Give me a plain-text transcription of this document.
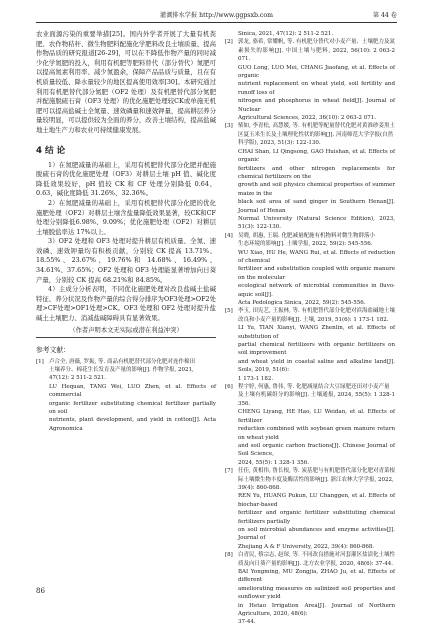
灌溉排水学报 http://www.ggpsxb.com	第 44 卷

农业面源污染的重要举措[25]。国内外学者开展了大量有机粪肥、农作物秸秆、微生物肥料配施化学肥料改良土壤质量、提高作物品质的研究报道[26-29]，可以在不降低作物产量的同时减少化学氮肥的投入，利用有机肥等肥料替代（部分替代）氮肥可以提高氮素利用率、减少氮盈余，保障产品品质与质量，且在有机质量较低、降水量较少的地区提高使用效率[30]。本研究通过利用有机肥替代部分氮肥（OF2 处理）及有机肥替代部分氮肥并配施脱硫石膏（OF3 处理）的优化施肥处理较CK或单施无机肥可以提高盐碱土全氮量、速效磷量和速效钾量，提高耕层养分量较明显，可以提供较为全面的养分，改善土壤结构，提高盐碱地土地生产力和农业可持续健康发展。

4 结 论

1）在氮肥减量的基础上，采用有机肥替代部分化肥并配施脱硫石膏的优化施肥处理（OF3）对耕层土壤 pH 值、碱化度降低效果较好，pH 值较 CK 和 CF 处理分别降低 0.64、0.63，碱化度降低 31.26%、32.36%。

2）在氮肥减量的基础上，采用有机肥替代部分化肥的优化施肥处理（OF2）对耕层土壤含盐量降低效果显著，较CK和CF处理分别降低6.98%、9.09%；优化施肥处理（OF2）对耕层土壤脱盐率达 17%以上。

3）OF2 处理和 OF3 处理对提升耕层有机质量、全氮、速效磷、速效钾量均有积极贡献，分别较 CK 提高 13.71%、18.55%、23.67%、19.76%和 14.68%、16.49%、34.61%、37.65%；OF2 处理和 OF3 处理能显著增加向日葵产量，分别较 CK 提高 68.21%和 84.85%。

4）主成分分析表明，不同优化施肥处理对改良盐碱土盐碱特征、养分状况及作物产量的综合得分排序为OF3处理>OF2处理>CF处理>OF1处理>CK。OF3 处理和 OF2 处理对提升盐碱土土壤肥力、消减盐碱障碍具有显著效果。

（作者声明本文无实际或潜在利益冲突）

参考文献：
[1] 卢合全, 唐薇, 罗振, 等. 商品有机肥替代部分化肥对连作棉田
土壤养分、棉花生长发育及产量的影响[J]. 作物学报, 2021,
47(12): 2 511-2 521.
LU Hequan, TANG Wei, LUO Zhen, et al. Effects of commercial
organic fertilizer substituting chemical fertilizer partially on soil
nutrients, plant development, and yield in cotton[J]. Acta Agronomica
Sinica, 2021, 47(12): 2 511-2 521.
[2] 郭龙, 骆希, 常耀帆, 等. 有机肥分替代对小麦产量、土壤肥力及氮
素损失的影响[J]. 中国土壤与肥料, 2022, 56(10): 2 063-2 071.
GUO Long, LUO Mei, CHANG Jiaofang, et al. Effects of organic
nutrient replacement on wheat yield, soil fertility and runoff loss of
nitrogen and phosphorus in wheat field[J]. Journal of Nuclear
Agricultural Sciences, 2022, 36(10): 2 063-2 071.
[3] 柴如, 李青松, 高慧媛, 等. 有机肥等配量替代化肥对黄淮砂姜黑土
区夏玉米生长及土壤理化性状的影响[J]. 河南师范大学学报(自然
科学版), 2023, 51(3): 122-130.
CHAI Shan, LI Qingsong, GAO Huishan, et al. Effects of organic
fertilizers and other nitrogen replacements for chemical fertilizers on the
growth and soil physico chemical properties of summer maize in the
black soil area of sand ginger in Southern Henan[J]. Journal of Henan
Normal University (Natural Science Edition), 2023, 51(3): 122-130.
[4] 吴晓, 胡惠, 王瑞. 化肥减量配施有机物料对微生物群落小
生态环境的影响[J]. 土壤学报, 2022, 59(2): 545-556.
WU Xiao, HU He, WANG Rui, et al. Effects of reduction of chemical
fertilizer and substitution coupled with organic manure on the molecular
ecological network of microbial communities in fluvo-aquic soil[J].
Acta Pedologica Sinica, 2022, 59(2): 545-556.
[5] 李玉, 田宪艺, 王振林, 等. 有机肥替代部分化肥对滨海盐碱地土壤
改良和小麦产量的影响[J]. 土壤, 2019, 51(6): 1 173-1 182.
LI Yu, TIAN Xianyi, WANG Zhenlin, et al. Effects of substitution of
partial chemical fertilizers with organic fertilizers on soil improvement
and wheat yield in coastal saline and alkaline land[J]. Soils, 2019, 51(6):
1 173-1 182.
[6] 程宇婷, 何惠, 鲁伟, 等. 化肥减量结合大豆绿肥还田对小麦产量
及土壤有机碳组分的影响[J]. 土壤通报, 2024, 55(5): 1 328-1 356.
CHENG Liyang, HE Hao, LU Weidan, et al. Effects of fertilizer
reduction combined with soybean green manure return on wheat yield
and soil organic carbon fractions[J]. Chinese Journal of Soil Science,
2024, 55(5): 1 328-1 356.
[7] 任佳, 黄相伟, 鲁长根, 等. 炭基肥与有机肥替代部分化肥对青菜根
际土壤微生物丰度及酶活性的影响[J]. 浙江农林大学学报, 2022,
39(4): 860-868.
REN Yu, HUANG Pukun, LU Changgen, et al. Effects of biochar-based
fertilizer and organic fertilizer substituting chemical fertilizers partially
on soil microbial abundances and enzyme activities[J]. Journal of
Zhejiang A & F University, 2022, 39(4): 860-868.
[8] 白青民, 蔡宗志, 赵琛, 等. 不同改良措施对河套灌区盐渍化土壤性
质及向日葵产量的影响[J]. 北方农业学报, 2020, 48(6): 37-44.
BAI Yongming, MU Zongjia, ZHAO Ju, et al. Effects of different
ameliorating measures on salinized soil properties and sunflower yield
in Hetao Irrigation Area[J]. Journal of Northern Agriculture, 2020, 48(6):
37-44.
86
